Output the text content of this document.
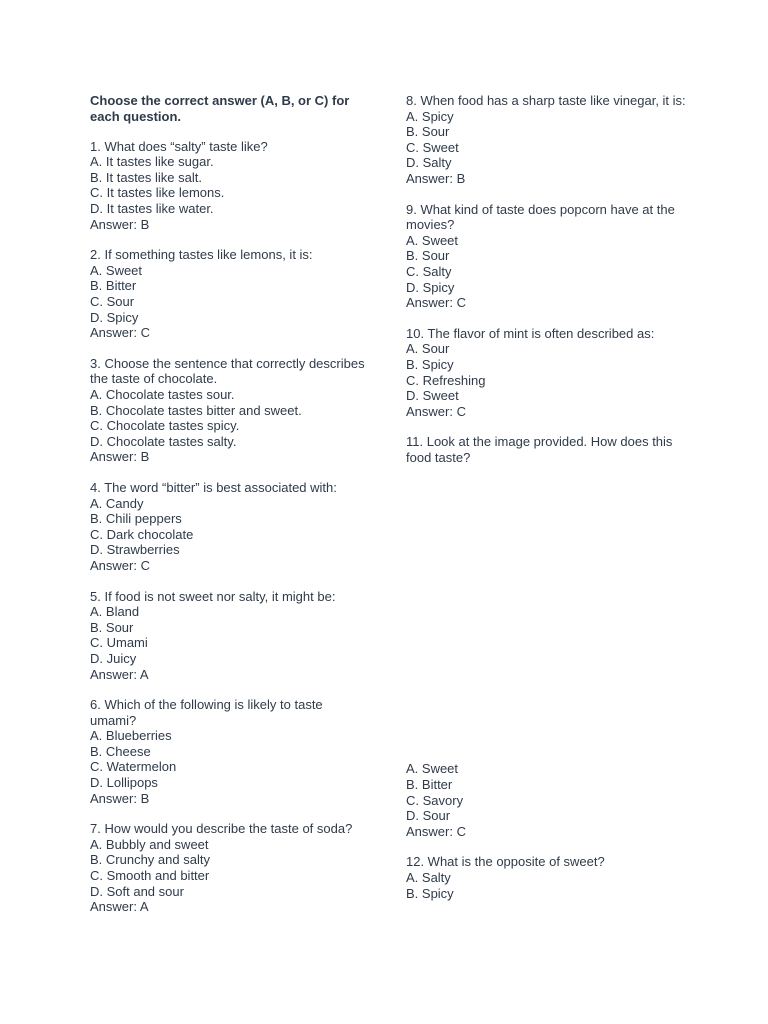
Choose the correct answer (A, B, or C) for each question.
1. What does “salty” taste like?
A. It tastes like sugar.
B. It tastes like salt.
C. It tastes like lemons.
D. It tastes like water.
Answer: B
2. If something tastes like lemons, it is:
A. Sweet
B. Bitter
C. Sour
D. Spicy
Answer: C
3. Choose the sentence that correctly describes the taste of chocolate.
A. Chocolate tastes sour.
B. Chocolate tastes bitter and sweet.
C. Chocolate tastes spicy.
D. Chocolate tastes salty.
Answer: B
4. The word “bitter” is best associated with:
A. Candy
B. Chili peppers
C. Dark chocolate
D. Strawberries
Answer: C
5. If food is not sweet nor salty, it might be:
A. Bland
B. Sour
C. Umami
D. Juicy
Answer: A
6. Which of the following is likely to taste umami?
A. Blueberries
B. Cheese
C. Watermelon
D. Lollipops
Answer: B
7. How would you describe the taste of soda?
A. Bubbly and sweet
B. Crunchy and salty
C. Smooth and bitter
D. Soft and sour
Answer: A
8. When food has a sharp taste like vinegar, it is:
A. Spicy
B. Sour
C. Sweet
D. Salty
Answer: B
9. What kind of taste does popcorn have at the movies?
A. Sweet
B. Sour
C. Salty
D. Spicy
Answer: C
10. The flavor of mint is often described as:
A. Sour
B. Spicy
C. Refreshing
D. Sweet
Answer: C
11. Look at the image provided. How does this food taste?
A. Sweet
B. Bitter
C. Savory
D. Sour
Answer: C
12. What is the opposite of sweet?
A. Salty
B. Spicy
